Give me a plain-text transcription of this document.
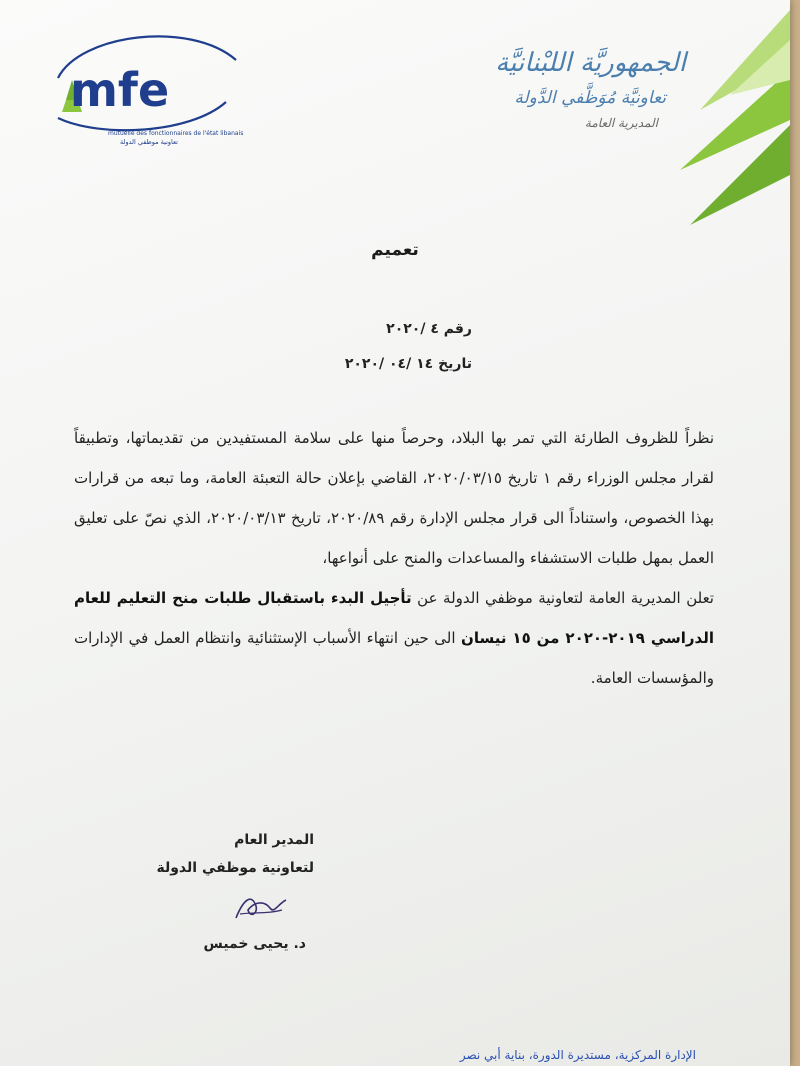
mfe
mutuelle des fonctionnaires de l'état libanais
تعاونية موظفي الدولة
الجمهوريَّة اللبْنانيَّة
تعاونيَّة مُوَظَّفي الدَّولة
المديرية العامة
تعميم
رقم ٤ /٢٠٢٠
تاريخ ١٤ /٠٤ /٢٠٢٠

نظراً للظروف الطارئة التي تمر بها البلاد، وحرصاً منها على سلامة المستفيدين من تقديماتها، وتطبيقاً لقرار مجلس الوزراء رقم ١ تاريخ ٢٠٢٠/٠٣/١٥، القاضي بإعلان حالة التعبئة العامة، وما تبعه من قرارات بهذا الخصوص، واستناداً الى قرار مجلس الإدارة رقم ٢٠٢٠/٨٩، تاريخ ٢٠٢٠/٠٣/١٣، الذي نصّ على تعليق العمل بمهل طلبات الاستشفاء والمساعدات والمنح على أنواعها،

تعلن المديرية العامة لتعاونية موظفي الدولة عن تأجيل البدء باستقبال طلبات منح التعليم للعام الدراسي ٢٠١٩-٢٠٢٠ من ١٥ نيسان الى حين انتهاء الأسباب الإستثنائية وانتظام العمل في الإدارات والمؤسسات العامة.

المدير العام
لتعاونية موظفي الدولة
د. يحيى خميس
الإدارة المركزية، مستديرة الدورة، بناية أبي نصر
